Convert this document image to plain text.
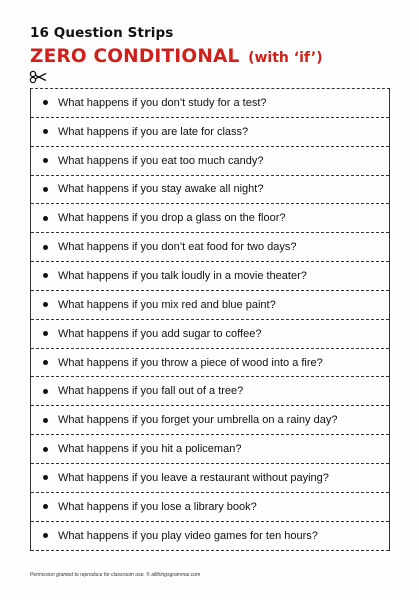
16 Question Strips
ZERO CONDITIONAL (with ‘if’)
What happens if you don’t study for a test?
What happens if you are late for class?
What happens if you eat too much candy?
What happens if you stay awake all night?
What happens if you drop a glass on the floor?
What happens if you don’t eat food for two days?
What happens if you talk loudly in a movie theater?
What happens if you mix red and blue paint?
What happens if you add sugar to coffee?
What happens if you throw a piece of wood into a fire?
What happens if you fall out of a tree?
What happens if you forget your umbrella on a rainy day?
What happens if you hit a policeman?
What happens if you leave a restaurant without paying?
What happens if you lose a library book?
What happens if you play video games for ten hours?
Permission granted to reproduce for classroom use. © allthingsgrammar.com
